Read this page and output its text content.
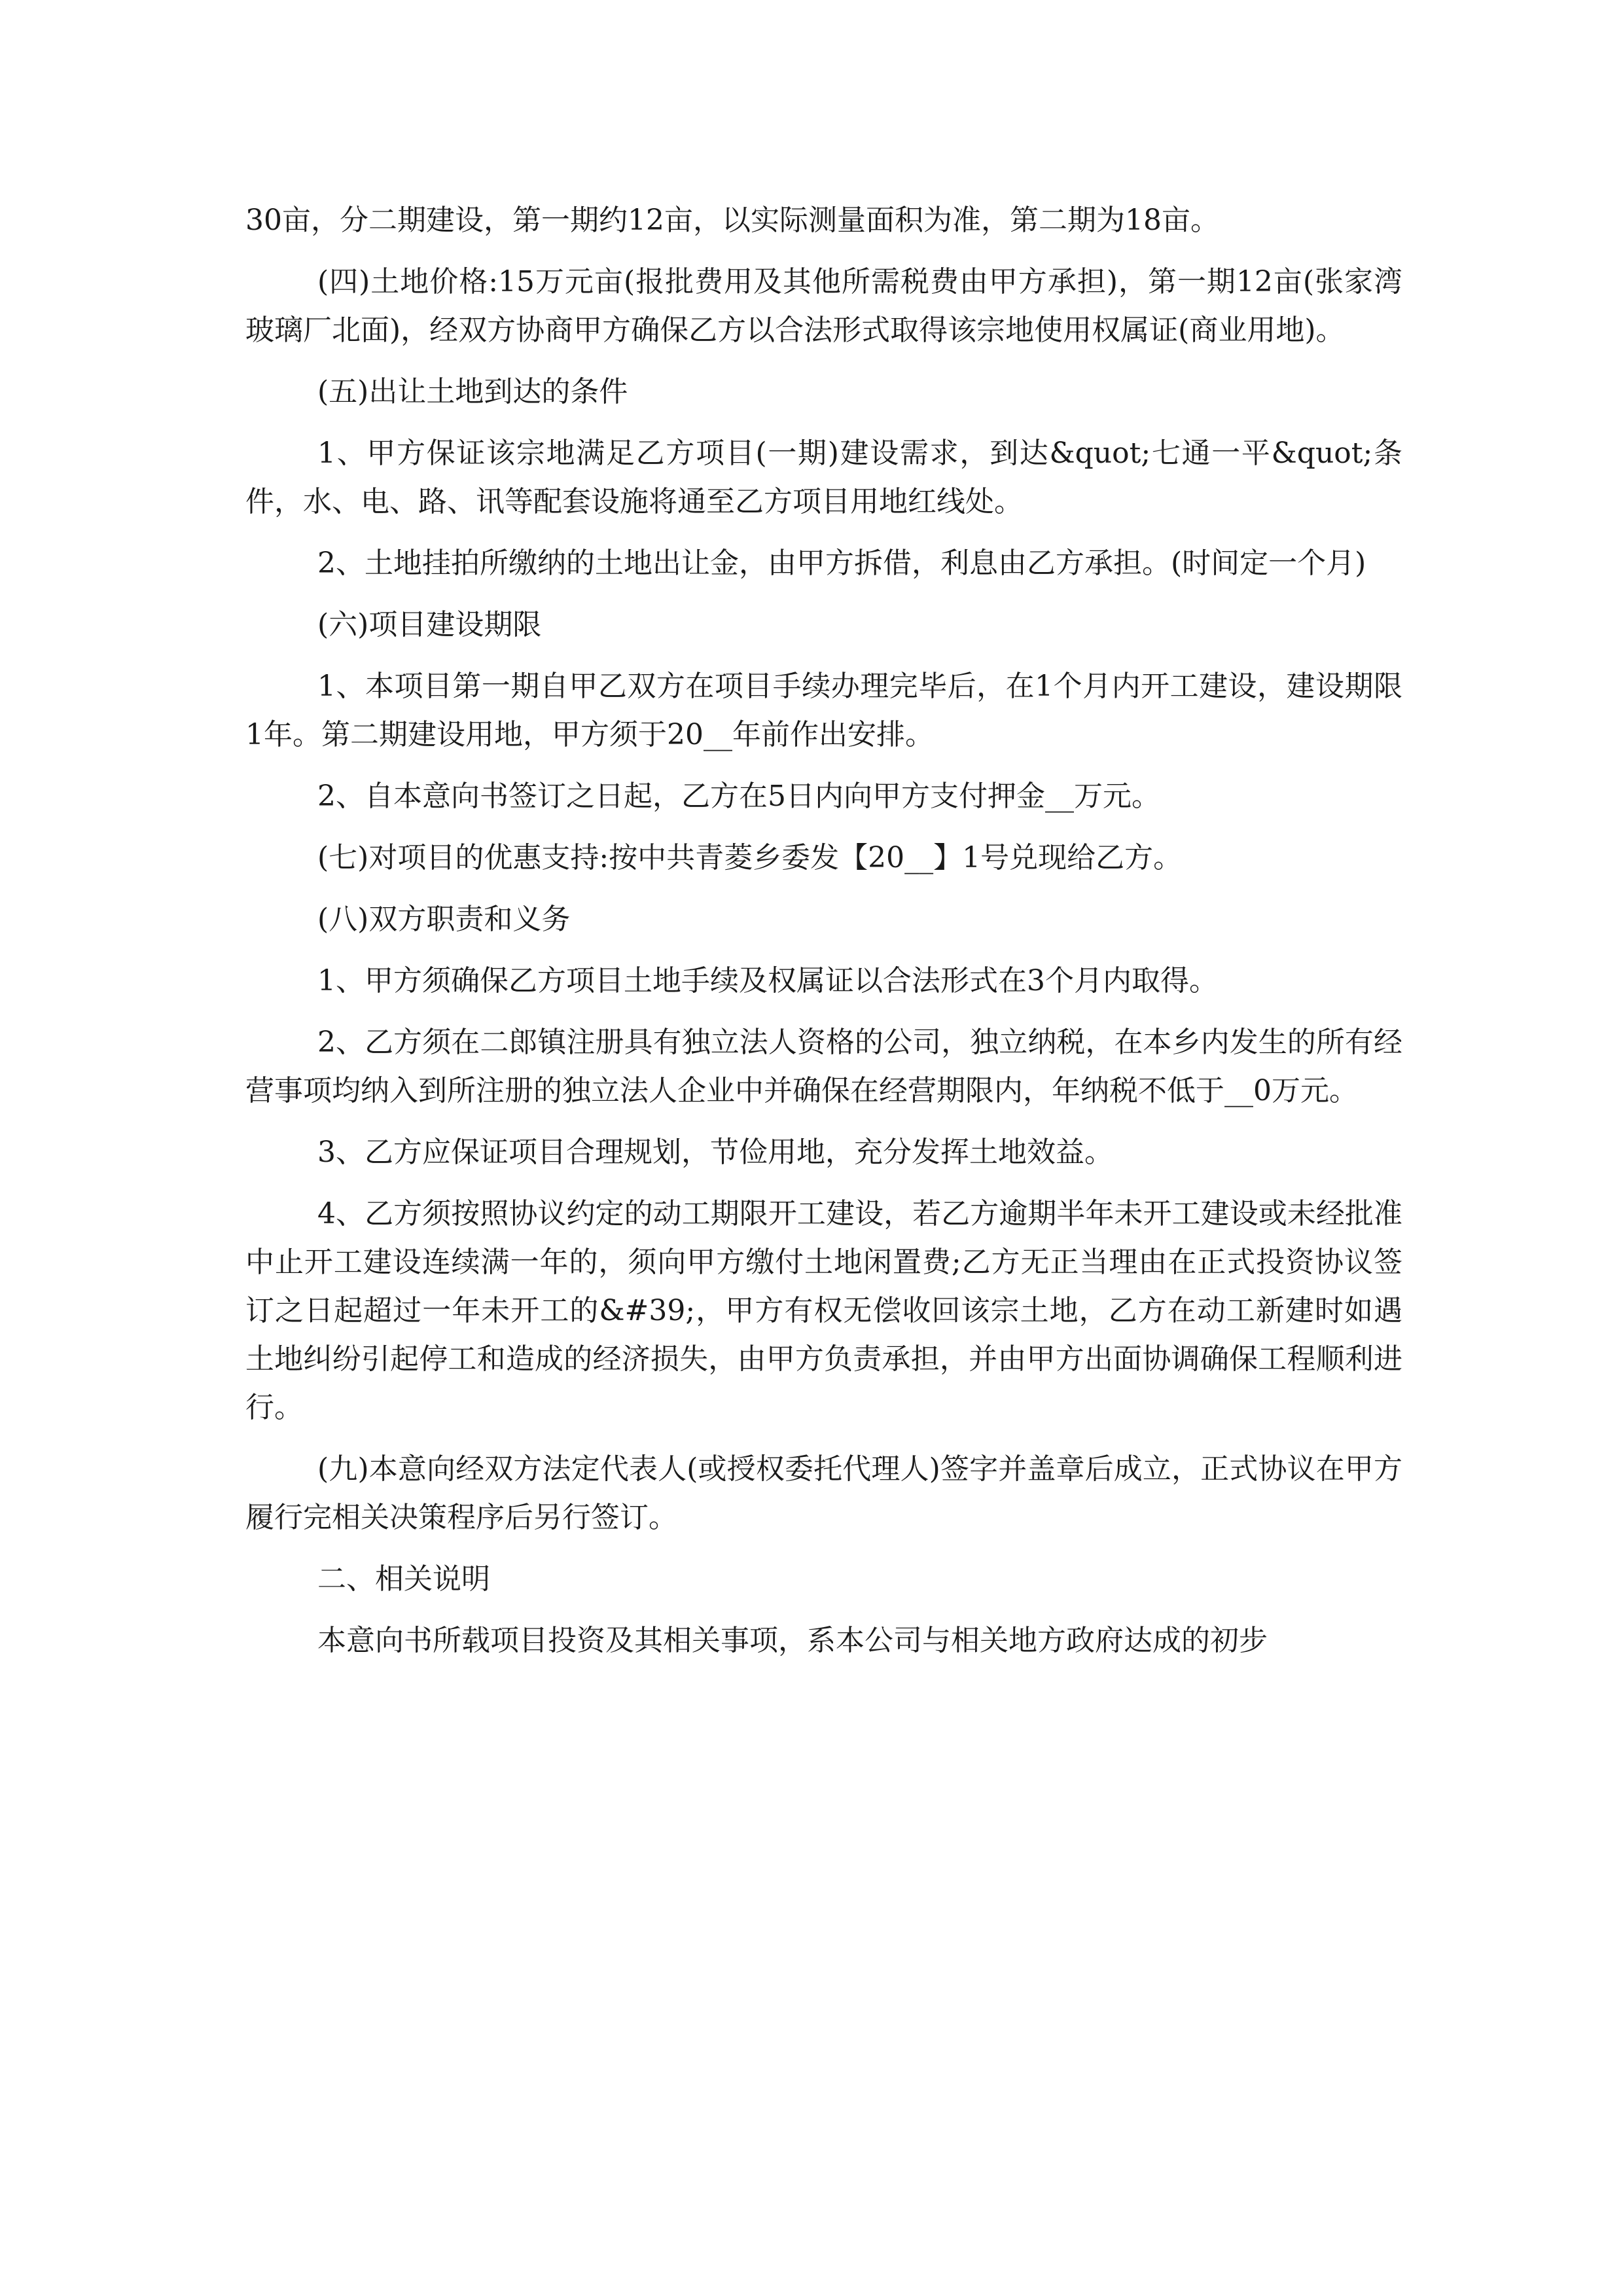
30亩，分二期建设，第一期约12亩，以实际测量面积为准，第二期为18亩。

(四)土地价格:15万元亩(报批费用及其他所需税费由甲方承担)，第一期12亩(张家湾玻璃厂北面)，经双方协商甲方确保乙方以合法形式取得该宗地使用权属证(商业用地)。

(五)出让土地到达的条件

1、甲方保证该宗地满足乙方项目(一期)建设需求，到达&quot;七通一平&quot;条件，水、电、路、讯等配套设施将通至乙方项目用地红线处。

2、土地挂拍所缴纳的土地出让金，由甲方拆借，利息由乙方承担。(时间定一个月)

(六)项目建设期限

1、本项目第一期自甲乙双方在项目手续办理完毕后，在1个月内开工建设，建设期限1年。第二期建设用地，甲方须于20__年前作出安排。

2、自本意向书签订之日起，乙方在5日内向甲方支付押金__万元。

(七)对项目的优惠支持:按中共青菱乡委发【20__】1号兑现给乙方。

(八)双方职责和义务

1、甲方须确保乙方项目土地手续及权属证以合法形式在3个月内取得。

2、乙方须在二郎镇注册具有独立法人资格的公司，独立纳税，在本乡内发生的所有经营事项均纳入到所注册的独立法人企业中并确保在经营期限内，年纳税不低于__0万元。

3、乙方应保证项目合理规划，节俭用地，充分发挥土地效益。

4、乙方须按照协议约定的动工期限开工建设，若乙方逾期半年未开工建设或未经批准中止开工建设连续满一年的，须向甲方缴付土地闲置费;乙方无正当理由在正式投资协议签订之日起超过一年未开工的&#39;，甲方有权无偿收回该宗土地，乙方在动工新建时如遇土地纠纷引起停工和造成的经济损失，由甲方负责承担，并由甲方出面协调确保工程顺利进行。

(九)本意向经双方法定代表人(或授权委托代理人)签字并盖章后成立，正式协议在甲方履行完相关决策程序后另行签订。

二、相关说明

本意向书所载项目投资及其相关事项，系本公司与相关地方政府达成的初步
